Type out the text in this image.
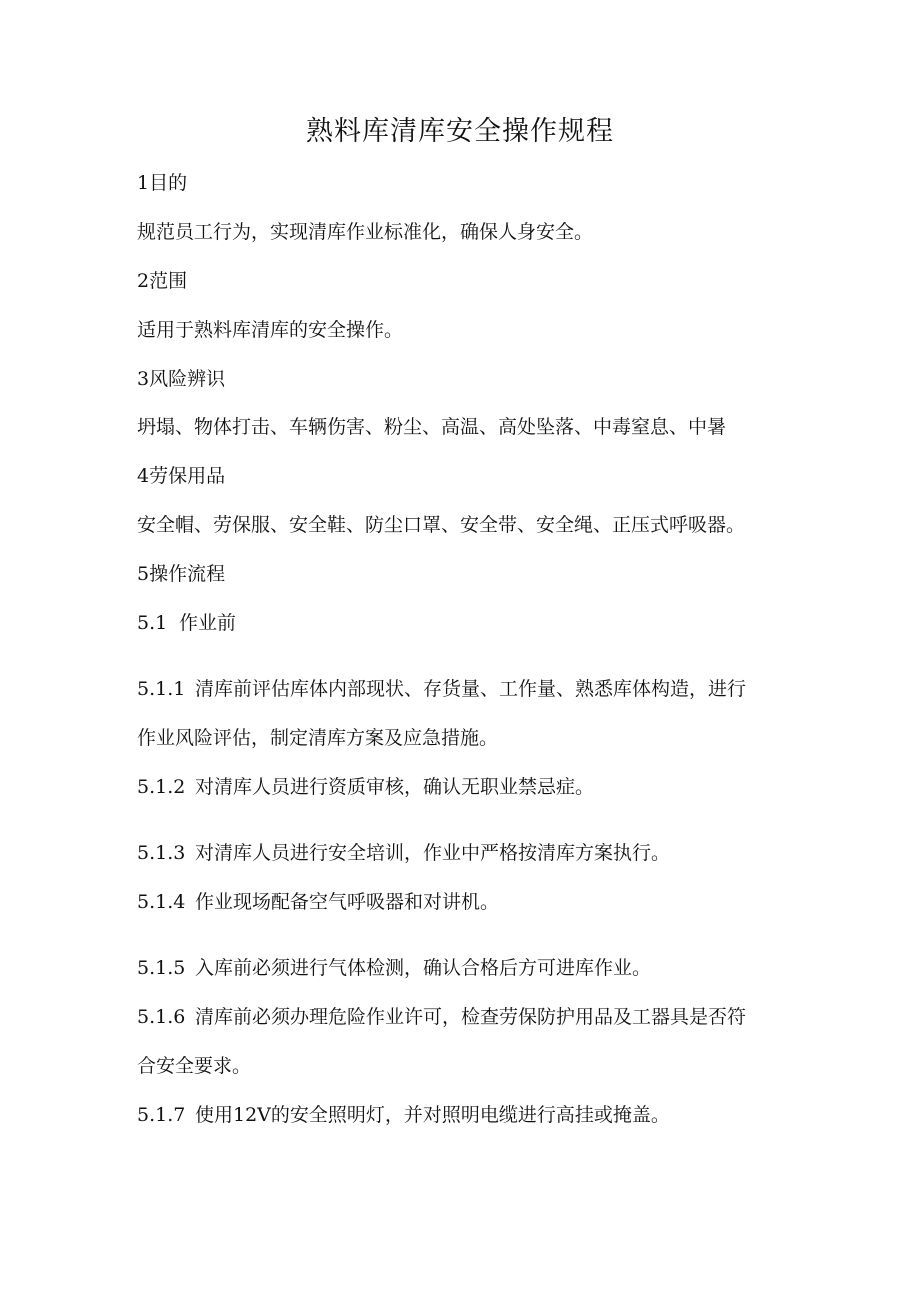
熟料库清库安全操作规程
1目的
规范员工行为，实现清库作业标准化，确保人身安全。
2范围
适用于熟料库清库的安全操作。
3风险辨识
坍塌、物体打击、车辆伤害、粉尘、高温、高处坠落、中毒窒息、中暑
4劳保用品
安全帽、劳保服、安全鞋、防尘口罩、安全带、安全绳、正压式呼吸器。
5操作流程
5.1 作业前
5.1.1 清库前评估库体内部现状、存货量、工作量、熟悉库体构造，进行
作业风险评估，制定清库方案及应急措施。
5.1.2 对清库人员进行资质审核，确认无职业禁忌症。
5.1.3 对清库人员进行安全培训，作业中严格按清库方案执行。
5.1.4 作业现场配备空气呼吸器和对讲机。
5.1.5 入库前必须进行气体检测，确认合格后方可进库作业。
5.1.6 清库前必须办理危险作业许可，检查劳保防护用品及工器具是否符
合安全要求。
5.1.7 使用12V的安全照明灯，并对照明电缆进行高挂或掩盖。
